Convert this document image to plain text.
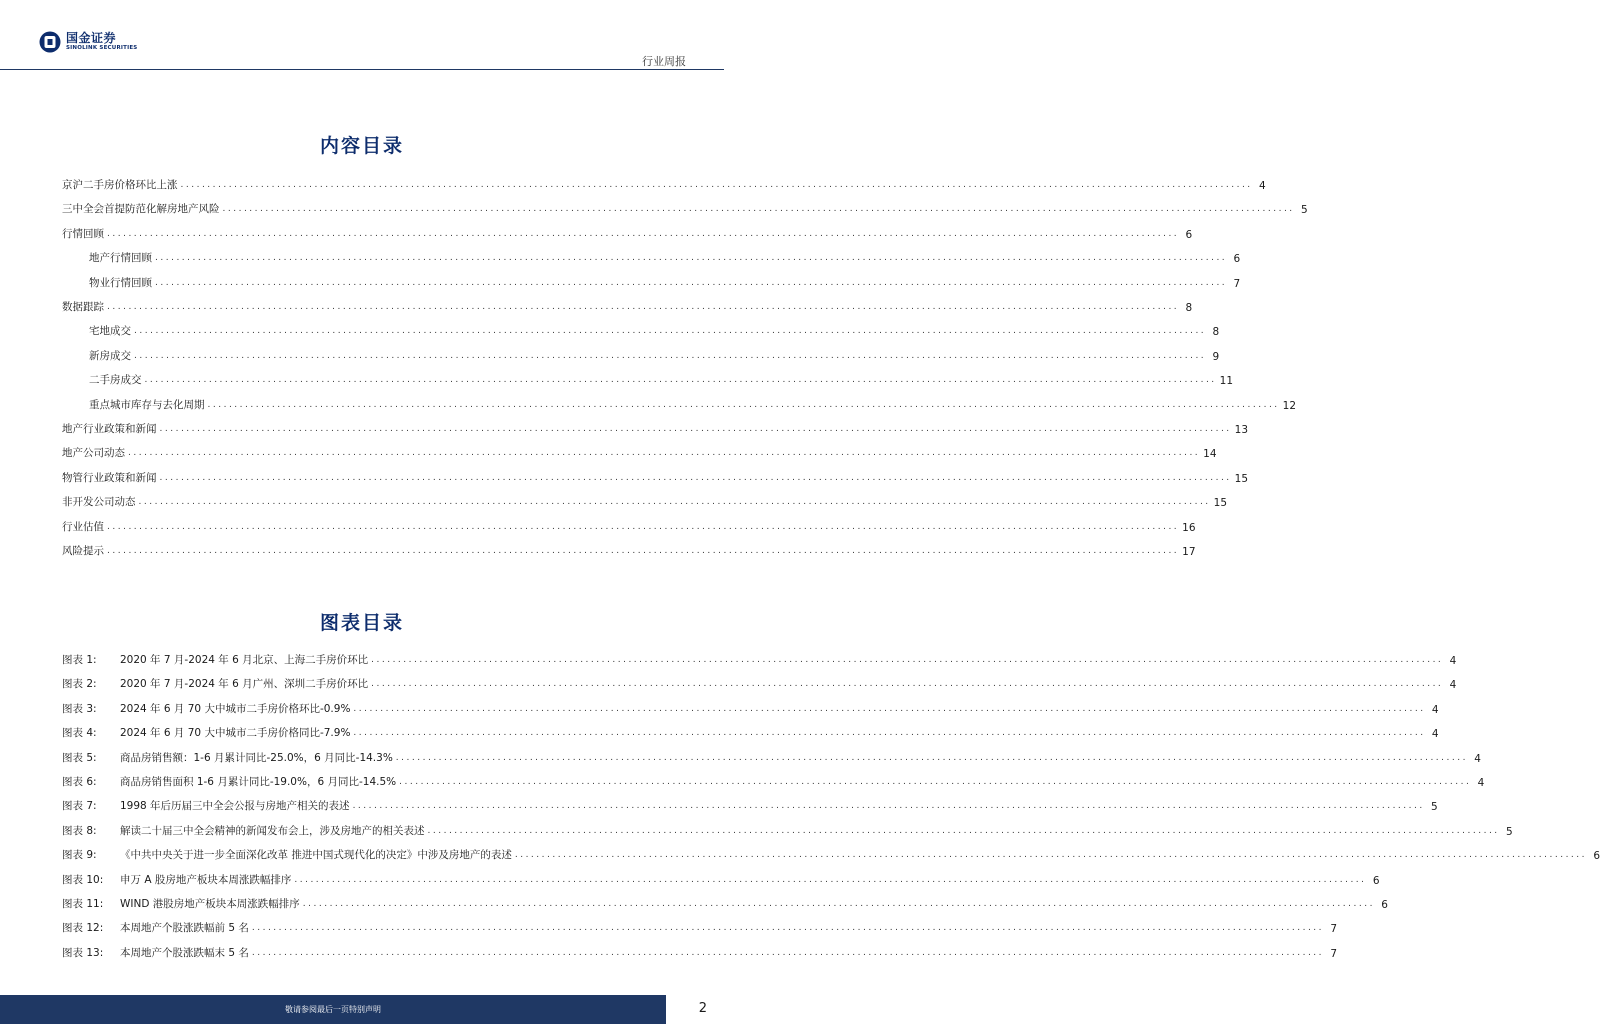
国金证券
SINOLINK SECURITIES
行业周报
内容目录
京沪二手房价格环比上涨 ........................................................................................................................................................................................................ 4
三中全会首提防范化解房地产风险 ........................................................................................................................................................................................................ 5
行情回顾 ........................................................................................................................................................................................................ 6
地产行情回顾 ........................................................................................................................................................................................................ 6
物业行情回顾 ........................................................................................................................................................................................................ 7
数据跟踪 ........................................................................................................................................................................................................ 8
宅地成交 ........................................................................................................................................................................................................ 8
新房成交 ........................................................................................................................................................................................................ 9
二手房成交 ........................................................................................................................................................................................................ 11
重点城市库存与去化周期 ........................................................................................................................................................................................................ 12
地产行业政策和新闻 ........................................................................................................................................................................................................ 13
地产公司动态 ........................................................................................................................................................................................................ 14
物管行业政策和新闻 ........................................................................................................................................................................................................ 15
非开发公司动态 ........................................................................................................................................................................................................ 15
行业估值 ........................................................................................................................................................................................................ 16
风险提示 ........................................................................................................................................................................................................ 17
图表目录
图表 1:	2020 年 7 月-2024 年 6 月北京、上海二手房价环比 ........................................................................................................................................................................................................ 4
图表 2:	2020 年 7 月-2024 年 6 月广州、深圳二手房价环比 ........................................................................................................................................................................................................ 4
图表 3:	2024 年 6 月 70 大中城市二手房价格环比-0.9% ........................................................................................................................................................................................................ 4
图表 4:	2024 年 6 月 70 大中城市二手房价格同比-7.9% ........................................................................................................................................................................................................ 4
图表 5:	商品房销售额：1-6 月累计同比-25.0%，6 月同比-14.3% ........................................................................................................................................................................................................ 4
图表 6:	商品房销售面积 1-6 月累计同比-19.0%，6 月同比-14.5% ........................................................................................................................................................................................................ 4
图表 7:	1998 年后历届三中全会公报与房地产相关的表述 ........................................................................................................................................................................................................ 5
图表 8:	解读二十届三中全会精神的新闻发布会上，涉及房地产的相关表述 ........................................................................................................................................................................................................ 5
图表 9:	《中共中央关于进一步全面深化改革 推进中国式现代化的决定》中涉及房地产的表述 ........................................................................................................................................................................................................ 6
图表 10:	申万 A 股房地产板块本周涨跌幅排序 ........................................................................................................................................................................................................ 6
图表 11:	WIND 港股房地产板块本周涨跌幅排序 ........................................................................................................................................................................................................ 6
图表 12:	本周地产个股涨跌幅前 5 名 ........................................................................................................................................................................................................ 7
图表 13:	本周地产个股涨跌幅末 5 名 ........................................................................................................................................................................................................ 7
敬请参阅最后一页特别声明	2
